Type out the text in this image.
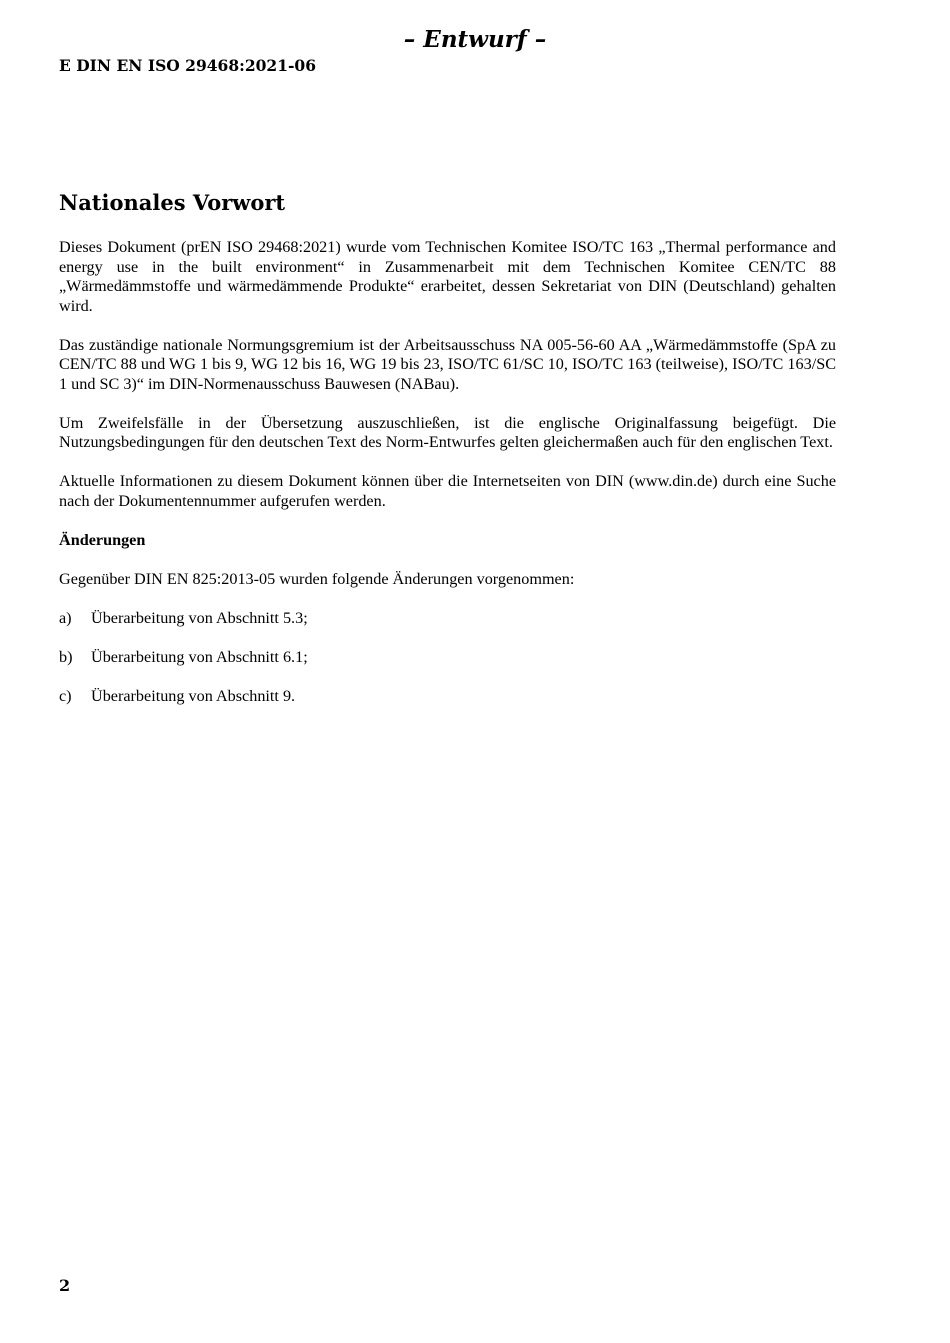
– Entwurf –
E DIN EN ISO 29468:2021-06
Nationales Vorwort

Dieses Dokument (prEN ISO 29468:2021) wurde vom Technischen Komitee ISO/TC 163 „Thermal performance and energy use in the built environment“ in Zusammenarbeit mit dem Technischen Komitee CEN/TC 88 „Wärmedämmstoffe und wärmedämmende Produkte“ erarbeitet, dessen Sekretariat von DIN (Deutschland) gehalten wird.

Das zuständige nationale Normungsgremium ist der Arbeitsausschuss NA 005-56-60 AA „Wärmedämmstoffe (SpA zu CEN/TC 88 und WG 1 bis 9, WG 12 bis 16, WG 19 bis 23, ISO/TC 61/SC 10, ISO/TC 163 (teilweise), ISO/TC 163/SC 1 und SC 3)“ im DIN-Normenausschuss Bauwesen (NABau).

Um Zweifelsfälle in der Übersetzung auszuschließen, ist die englische Originalfassung beigefügt. Die Nutzungsbedingungen für den deutschen Text des Norm-Entwurfes gelten gleichermaßen auch für den englischen Text.

Aktuelle Informationen zu diesem Dokument können über die Internetseiten von DIN (www.din.de) durch eine Suche nach der Dokumentennummer aufgerufen werden.

Änderungen

Gegenüber DIN EN 825:2013-05 wurden folgende Änderungen vorgenommen:

a)	Überarbeitung von Abschnitt 5.3;
b)	Überarbeitung von Abschnitt 6.1;
c)	Überarbeitung von Abschnitt 9.
2
